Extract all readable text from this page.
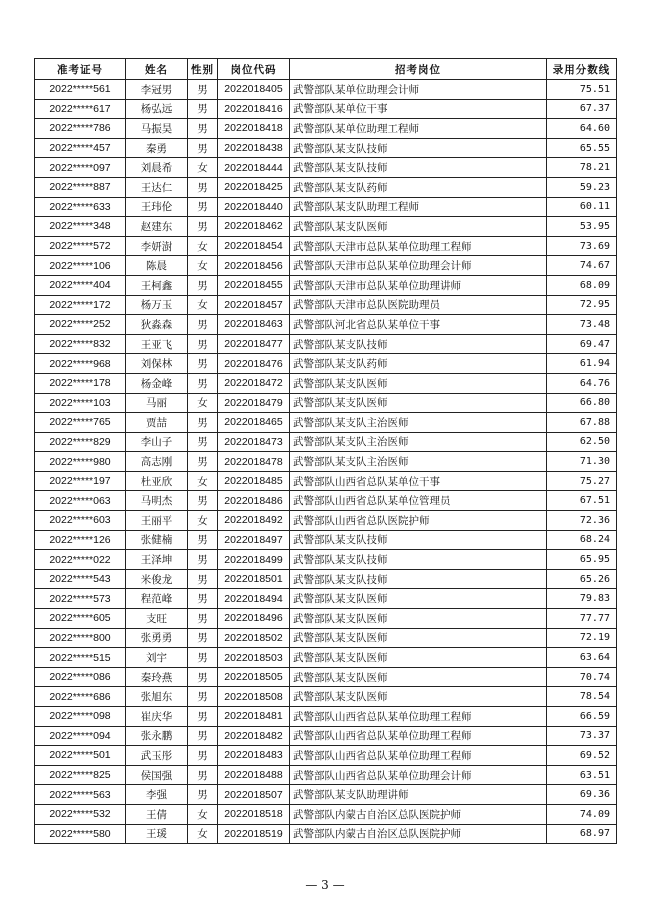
准考证号	姓名	性别	岗位代码	招考岗位	录用分数线
2022*****561	李冠男	男	2022018405	武警部队某单位助理会计师	75.51
2022*****617	杨弘远	男	2022018416	武警部队某单位干事	67.37
2022*****786	马振昊	男	2022018418	武警部队某单位助理工程师	64.60
2022*****457	秦勇	男	2022018438	武警部队某支队技师	65.55
2022*****097	刘晨希	女	2022018444	武警部队某支队技师	78.21
2022*****887	王达仁	男	2022018425	武警部队某支队药师	59.23
2022*****633	王玮伦	男	2022018440	武警部队某支队助理工程师	60.11
2022*****348	赵建东	男	2022018462	武警部队某支队医师	53.95
2022*****572	李妍澍	女	2022018454	武警部队天津市总队某单位助理工程师	73.69
2022*****106	陈晨	女	2022018456	武警部队天津市总队某单位助理会计师	74.67
2022*****404	王柯鑫	男	2022018455	武警部队天津市总队某单位助理讲师	68.09
2022*****172	杨万玉	女	2022018457	武警部队天津市总队医院助理员	72.95
2022*****252	狄淼森	男	2022018463	武警部队河北省总队某单位干事	73.48
2022*****832	王亚飞	男	2022018477	武警部队某支队技师	69.47
2022*****968	刘保林	男	2022018476	武警部队某支队药师	61.94
2022*****178	杨金峰	男	2022018472	武警部队某支队医师	64.76
2022*****103	马丽	女	2022018479	武警部队某支队医师	66.80
2022*****765	贾喆	男	2022018465	武警部队某支队主治医师	67.88
2022*****829	李山子	男	2022018473	武警部队某支队主治医师	62.50
2022*****980	高志刚	男	2022018478	武警部队某支队主治医师	71.30
2022*****197	杜亚欣	女	2022018485	武警部队山西省总队某单位干事	75.27
2022*****063	马明杰	男	2022018486	武警部队山西省总队某单位管理员	67.51
2022*****603	王丽平	女	2022018492	武警部队山西省总队医院护师	72.36
2022*****126	张健楠	男	2022018497	武警部队某支队技师	68.24
2022*****022	王泽坤	男	2022018499	武警部队某支队技师	65.95
2022*****543	米俊龙	男	2022018501	武警部队某支队技师	65.26
2022*****573	程范峰	男	2022018494	武警部队某支队医师	79.83
2022*****605	支旺	男	2022018496	武警部队某支队医师	77.77
2022*****800	张勇勇	男	2022018502	武警部队某支队医师	72.19
2022*****515	刘宇	男	2022018503	武警部队某支队医师	63.64
2022*****086	秦玲燕	男	2022018505	武警部队某支队医师	70.74
2022*****686	张旭东	男	2022018508	武警部队某支队医师	78.54
2022*****098	崔庆华	男	2022018481	武警部队山西省总队某单位助理工程师	66.59
2022*****094	张永鹏	男	2022018482	武警部队山西省总队某单位助理工程师	73.37
2022*****501	武玉彤	男	2022018483	武警部队山西省总队某单位助理工程师	69.52
2022*****825	侯国强	男	2022018488	武警部队山西省总队某单位助理会计师	63.51
2022*****563	李强	男	2022018507	武警部队某支队助理讲师	69.36
2022*****532	王倩	女	2022018518	武警部队内蒙古自治区总队医院护师	74.09
2022*****580	王瑗	女	2022018519	武警部队内蒙古自治区总队医院护师	68.97
— 3 —
